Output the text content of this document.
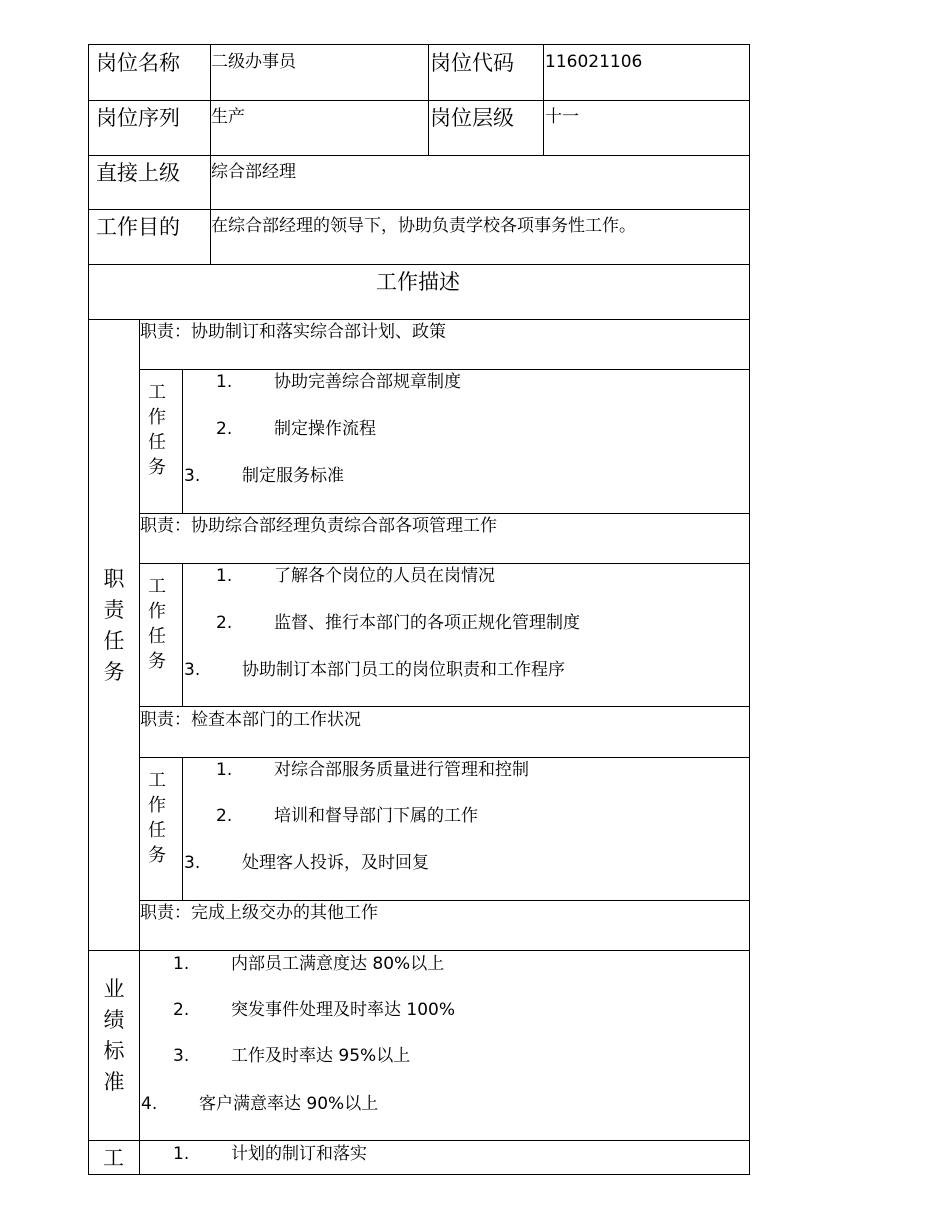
岗位名称 二级办事员	岗位代码 116021106
岗位序列 生产	岗位层级 十一
直接上级 综合部经理
工作目的 在综合部经理的领导下，协助负责学校各项事务性工作。
工作描述
职责任务
职责：协助制订和落实综合部计划、政策
工作任务
1. 协助完善综合部规章制度
2. 制定操作流程
3. 制定服务标准
职责：协助综合部经理负责综合部各项管理工作
工作任务
1. 了解各个岗位的人员在岗情况
2. 监督、推行本部门的各项正规化管理制度
3. 协助制订本部门员工的岗位职责和工作程序
职责：检查本部门的工作状况
工作任务
1. 对综合部服务质量进行管理和控制
2. 培训和督导部门下属的工作
3. 处理客人投诉，及时回复
职责：完成上级交办的其他工作
业绩标准
1. 内部员工满意度达 80%以上
2. 突发事件处理及时率达 100%
3. 工作及时率达 95%以上
4. 客户满意率达 90%以上
工	1. 计划的制订和落实
